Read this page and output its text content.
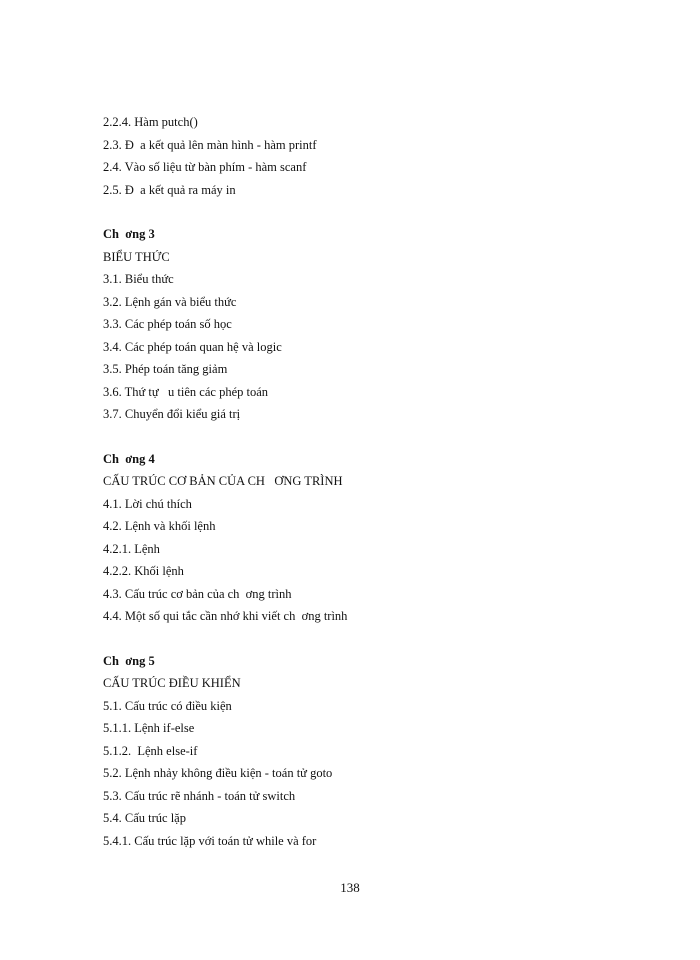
2.2.4. Hàm putch()
2.3. Đ  a kết quả lên màn hình - hàm printf
2.4. Vào số liệu từ bàn phím - hàm scanf
2.5. Đ  a kết quả ra máy in
Ch  ơng 3
BIỂU THỨC
3.1. Biểu thức
3.2. Lệnh gán và biểu thức
3.3. Các phép toán số học
3.4. Các phép toán quan hệ và logic
3.5. Phép toán tăng giảm
3.6. Thứ tự   u tiên các phép toán
3.7. Chuyển đổi kiểu giá trị
Ch  ơng 4
CẤU TRÚC CƠ BẢN CỦA CH   ƠNG TRÌNH
4.1. Lời chú thích
4.2. Lệnh và khối lệnh
4.2.1. Lệnh
4.2.2. Khối lệnh
4.3. Cấu trúc cơ bản của ch  ơng trình
4.4. Một số qui tắc cần nhớ khi viết ch  ơng trình
Ch  ơng 5
CẤU TRÚC ĐIỀU KHIỂN
5.1. Cấu trúc có điều kiện
5.1.1. Lệnh if-else
5.1.2.  Lệnh else-if
5.2. Lệnh nhảy không điều kiện - toán tử goto
5.3. Cấu trúc rẽ nhánh - toán tử switch
5.4. Cấu trúc lặp
5.4.1. Cấu trúc lặp với toán tử while và for
138
